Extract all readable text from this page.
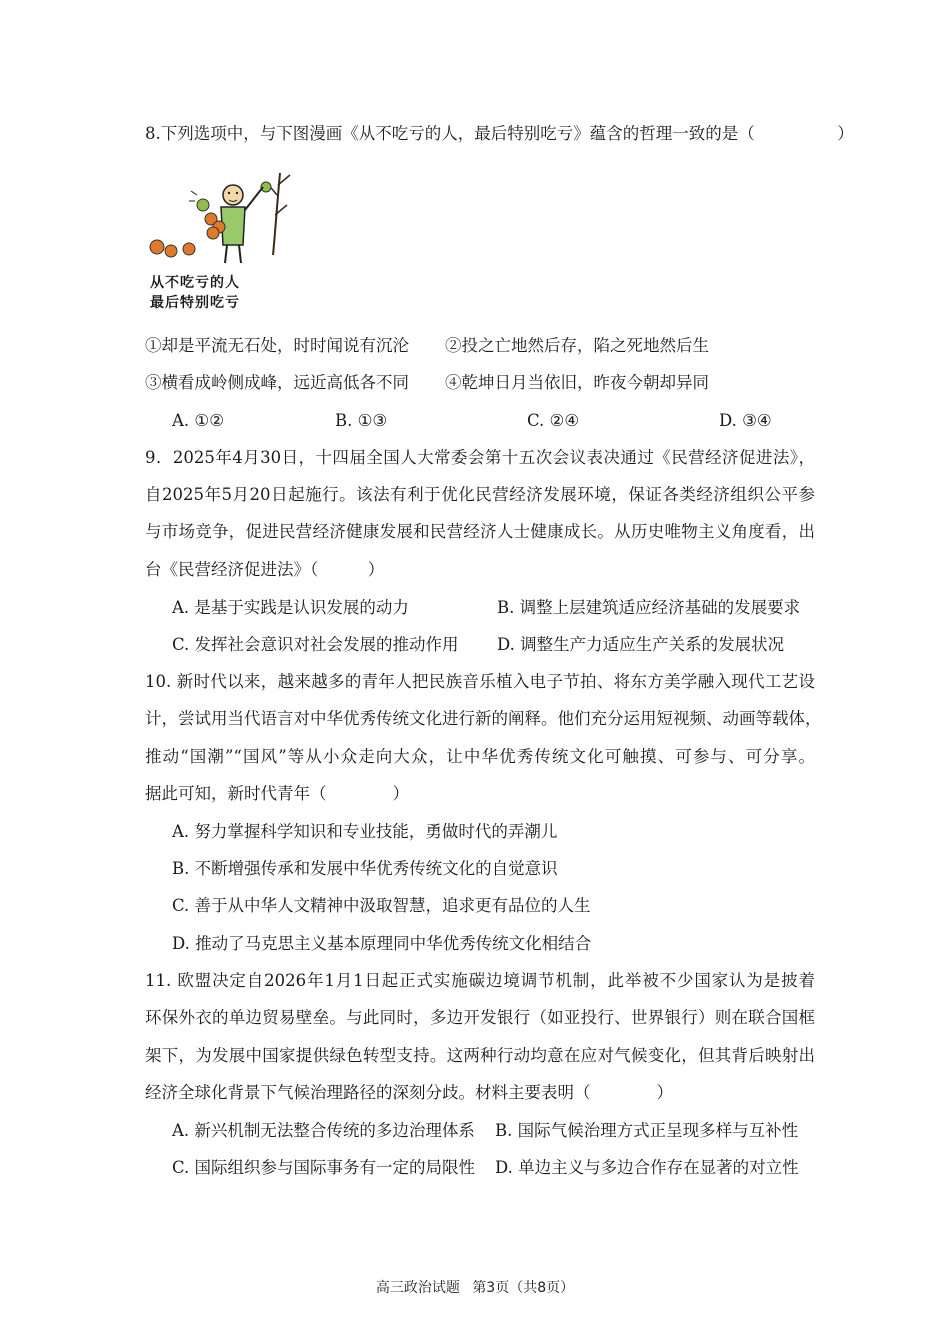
8.下列选项中，与下图漫画《从不吃亏的人，最后特别吃亏》蕴含的哲理一致的是（　　　　　）
从不吃亏的人
最后特别吃亏
①却是平流无石处，时时闻说有沉沦 ②投之亡地然后存，陷之死地然后生
③横看成岭侧成峰，远近高低各不同 ④乾坤日月当依旧，昨夜今朝却异同
A. ①②	B. ①③	C. ②④	D. ③④
9．2025年4月30日，十四届全国人大常委会第十五次会议表决通过《民营经济促进法》，
自2025年5月20日起施行。该法有利于优化民营经济发展环境，保证各类经济组织公平参
与市场竞争，促进民营经济健康发展和民营经济人士健康成长。从历史唯物主义角度看，出
台《民营经济促进法》（　　　）
A. 是基于实践是认识发展的动力	B. 调整上层建筑适应经济基础的发展要求
C. 发挥社会意识对社会发展的推动作用 D. 调整生产力适应生产关系的发展状况
10. 新时代以来，越来越多的青年人把民族音乐植入电子节拍、将东方美学融入现代工艺设
计，尝试用当代语言对中华优秀传统文化进行新的阐释。他们充分运用短视频、动画等载体，
推动“国潮”“国风”等从小众走向大众，让中华优秀传统文化可触摸、可参与、可分享。
据此可知，新时代青年（　　　　）
A. 努力掌握科学知识和专业技能，勇做时代的弄潮儿
B. 不断增强传承和发展中华优秀传统文化的自觉意识
C. 善于从中华人文精神中汲取智慧，追求更有品位的人生
D. 推动了马克思主义基本原理同中华优秀传统文化相结合
11. 欧盟决定自2026年1月1日起正式实施碳边境调节机制，此举被不少国家认为是披着
环保外衣的单边贸易壁垒。与此同时，多边开发银行（如亚投行、世界银行）则在联合国框
架下，为发展中国家提供绿色转型支持。这两种行动均意在应对气候变化，但其背后映射出
经济全球化背景下气候治理路径的深刻分歧。材料主要表明（　　　　）
A. 新兴机制无法整合传统的多边治理体系 B. 国际气候治理方式正呈现多样与互补性
C. 国际组织参与国际事务有一定的局限性 D. 单边主义与多边合作存在显著的对立性
高三政治试题 第3页（共8页）
